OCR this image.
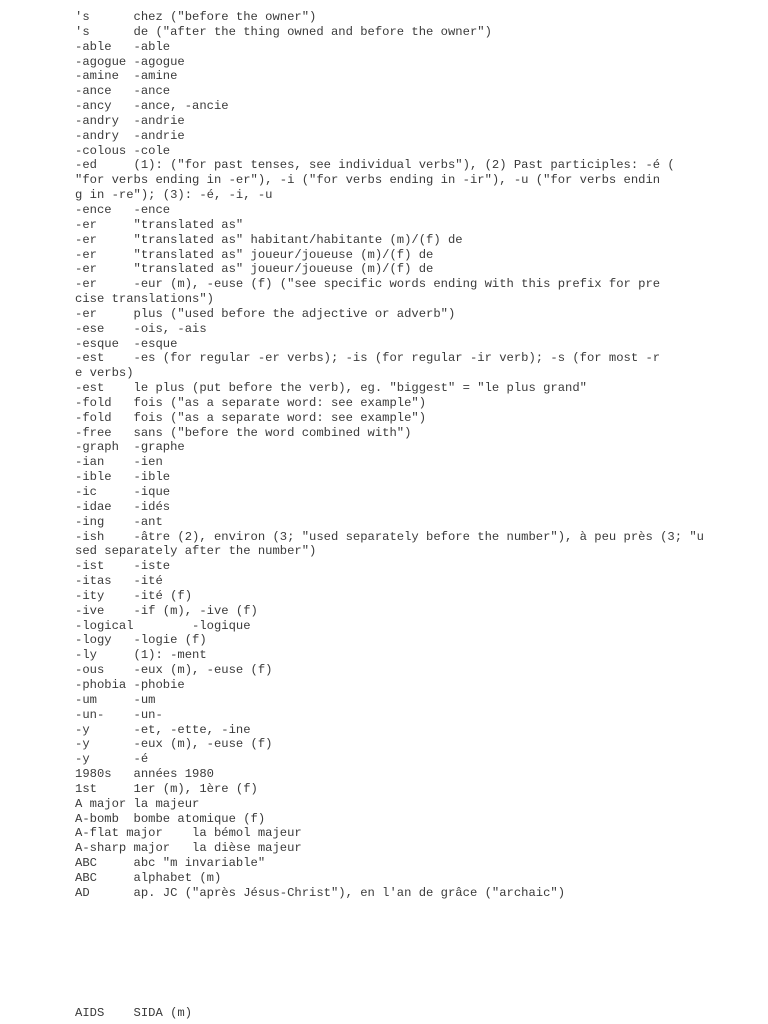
's      chez ("before the owner")
's      de ("after the thing owned and before the owner")
-able   -able
-agogue -agogue
-amine  -amine
-ance   -ance
-ancy   -ance, -ancie
-andry  -andrie
-andry  -andrie
-colous -cole
-ed     (1): ("for past tenses, see individual verbs"), (2) Past participles: -é (
"for verbs ending in -er"), -i ("for verbs ending in -ir"), -u ("for verbs endin
g in -re"); (3): -é, -i, -u
-ence   -ence
-er     "translated as"
-er     "translated as" habitant/habitante (m)/(f) de
-er     "translated as" joueur/joueuse (m)/(f) de
-er     "translated as" joueur/joueuse (m)/(f) de
-er     -eur (m), -euse (f) ("see specific words ending with this prefix for pre
cise translations")
-er     plus ("used before the adjective or adverb")
-ese    -ois, -ais
-esque  -esque
-est    -es (for regular -er verbs); -is (for regular -ir verb); -s (for most -r
e verbs)
-est    le plus (put before the verb), eg. "biggest" = "le plus grand"
-fold   fois ("as a separate word: see example")
-fold   fois ("as a separate word: see example")
-free   sans ("before the word combined with")
-graph  -graphe
-ian    -ien
-ible   -ible
-ic     -ique
-idae   -idés
-ing    -ant
-ish    -âtre (2), environ (3; "used separately before the number"), à peu près (3; "u
sed separately after the number")
-ist    -iste
-itas   -ité
-ity    -ité (f)
-ive    -if (m), -ive (f)
-logical        -logique
-logy   -logie (f)
-ly     (1): -ment
-ous    -eux (m), -euse (f)
-phobia -phobie
-um     -um
-un-    -un-
-y      -et, -ette, -ine
-y      -eux (m), -euse (f)
-y      -é
1980s   années 1980
1st     1er (m), 1ère (f)
A major la majeur
A-bomb  bombe atomique (f)
A-flat major    la bémol majeur
A-sharp major   la dièse majeur
ABC     abc "m invariable"
ABC     alphabet (m)
AD      ap. JC ("après Jésus-Christ"), en l'an de grâce ("archaic")
AIDS    SIDA (m)
